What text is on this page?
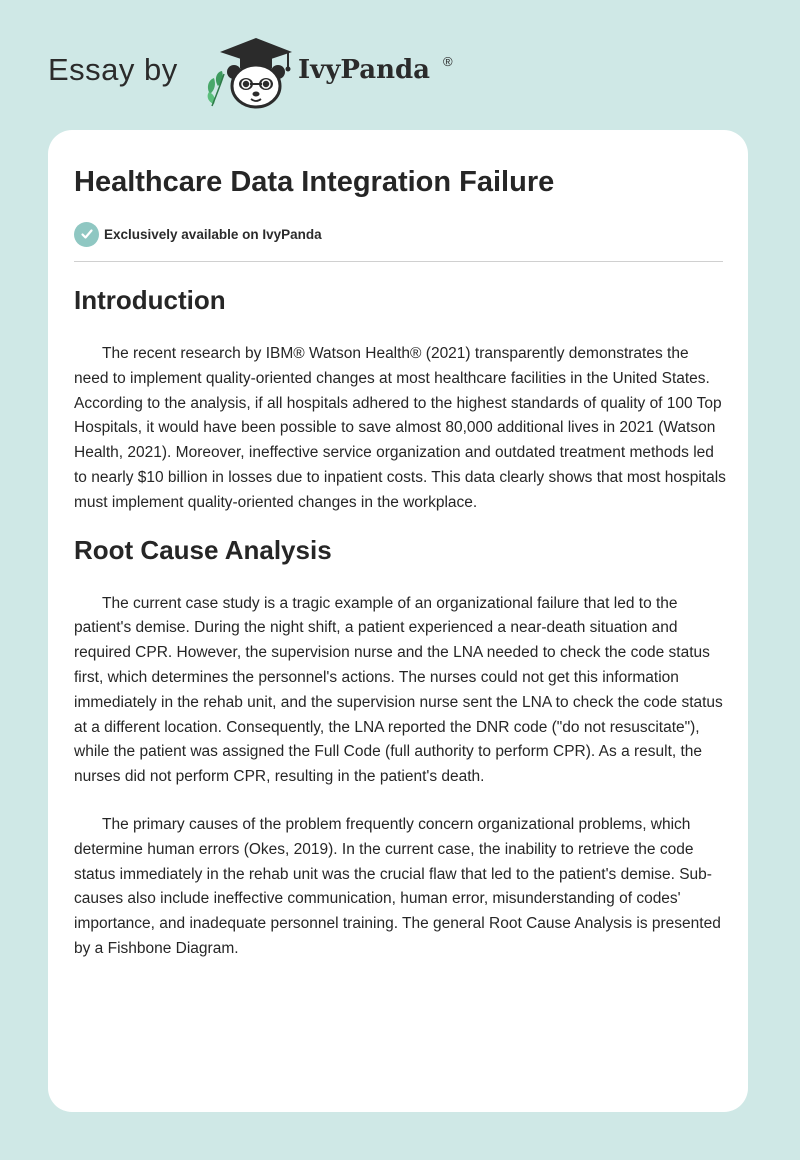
Essay by	IvyPanda ®
Healthcare Data Integration Failure
Exclusively available on IvyPanda
Introduction

The recent research by IBM® Watson Health® (2021) transparently demonstrates the need to implement quality-oriented changes at most healthcare facilities in the United States. According to the analysis, if all hospitals adhered to the highest standards of quality of 100 Top Hospitals, it would have been possible to save almost 80,000 additional lives in 2021 (Watson Health, 2021). Moreover, ineffective service organization and outdated treatment methods led to nearly $10 billion in losses due to inpatient costs. This data clearly shows that most hospitals must implement quality-oriented changes in the workplace.

Root Cause Analysis

The current case study is a tragic example of an organizational failure that led to the patient's demise. During the night shift, a patient experienced a near-death situation and required CPR. However, the supervision nurse and the LNA needed to check the code status first, which determines the personnel's actions. The nurses could not get this information immediately in the rehab unit, and the supervision nurse sent the LNA to check the code status at a different location. Consequently, the LNA reported the DNR code ("do not resuscitate"), while the patient was assigned the Full Code (full authority to perform CPR). As a result, the nurses did not perform CPR, resulting in the patient's death.

The primary causes of the problem frequently concern organizational problems, which determine human errors (Okes, 2019). In the current case, the inability to retrieve the code status immediately in the rehab unit was the crucial flaw that led to the patient's demise. Sub-causes also include ineffective communication, human error, misunderstanding of codes' importance, and inadequate personnel training. The general Root Cause Analysis is presented by a Fishbone Diagram.
